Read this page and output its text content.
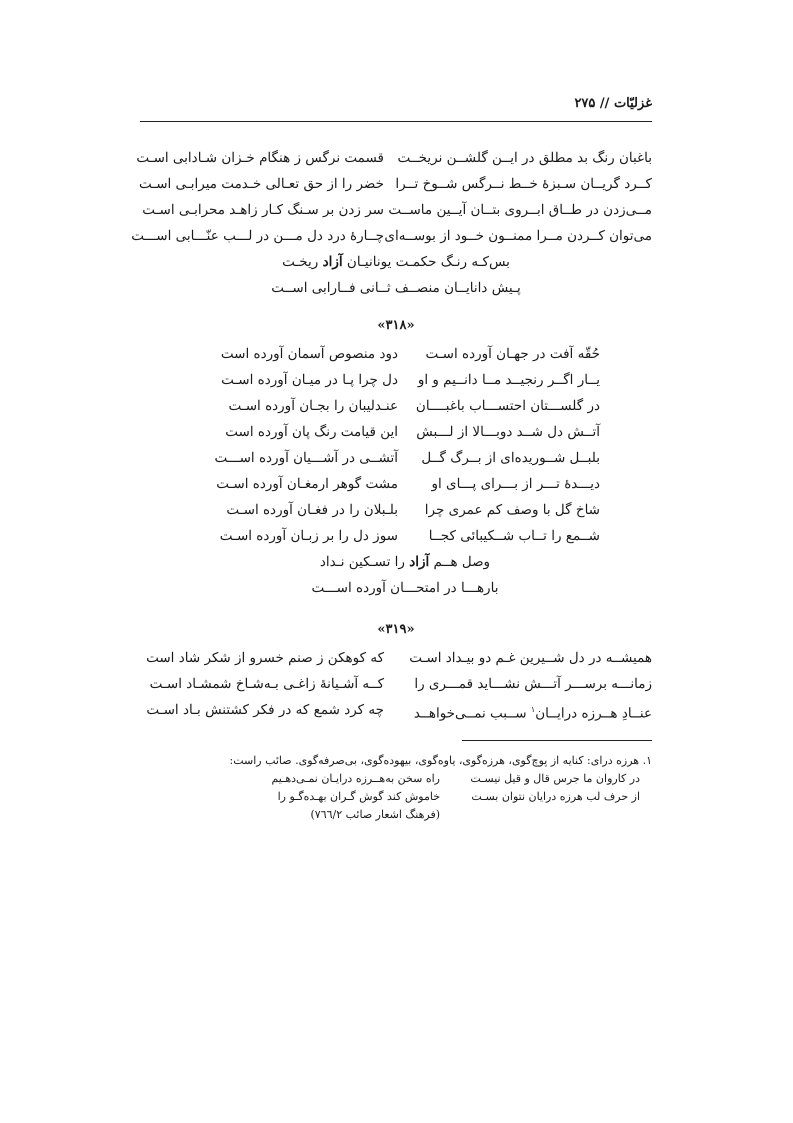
غزلیّات // ۲۷۵
باغبان رنگ بد مطلق در ایــن گلشــن نریخــت
قسمت نرگس ز هنگام خـزان شـادابی اسـت
کــرد گریــان سـبزهٔ خــط نــرگس شــوخ تــرا
خضر را از حق تعـالی خـدمت میرابـی اسـت
مــی‌زدن در طــاق ابــروی بتــان آیــین ماســت
سر زدن بر سـنگ کـار زاهـد محرابـی اسـت
می‌توان کــردن مــرا ممنــون خــود از بوســه‌ای
چــارهٔ درد دل مـــن در لـــب عنّـــابی اســـت
بس‌کـه رنـگ حکمـت یونانیـان آزاد ریخـت
پـیش دانایــان منصــف ثــانی فــارابی اســت
«۳۱۸»
حُقّه آفت در جهـان آورده اسـت
دود منصوص آسمان آورده است
یــار اگــر رنجیــد مــا دانــیم و او
دل چرا پـا در میـان آورده اسـت
در گلســـتان احتســـاب باغبــــان
عنـدلیبان را بجـان آورده اسـت
آتــش دل شــد دوبـــالا از لـــبش
این قیامت رنگ پان آورده است
بلبــل شــوریده‌ای از بــرگ گــل
آتشــی در آشـــیان آورده اســـت
دیـــدهٔ تـــر از بـــرای پـــای او
مشت گوهر ارمغـان آورده اسـت
شاخ گل با وصف کم عمری چرا
بلـبلان را در فغـان آورده اسـت
شــمع را تــاب شــکیبائی کجــا
سوز دل را بر زبـان آورده اسـت
وصل هــم آزاد را تسـکین نـداد
بارهـــا در امتحـــان آورده اســـت
«۳۱۹»
همیشــه در دل شــیرین غـم دو بیـداد اسـت
که کوهکن ز صنم خسرو از شکر شاد است
زمانـــه برســـر آتـــش نشـــاید قمـــری را
کــه آشـیانهٔ زاغـی بـه‌شـاخ شمشـاد اسـت
عنــادِ هــرزه درایــان$^۱$ ســبب نمــی‌خواهــد
چه کرد شمع که در فکر کشتنش بـاد اسـت
۱. هرزه درای: کنایه از پوچ‌گوی، هرزه‌گوی، یاوه‌گوی، بیهوده‌گوی، بی‌صرفه‌گوی. صائب راست:
در کاروان ما جرس قال و قیل نیسـت
راه سخن به‌هــرزه درایـان نمـی‌دهـیم
از حرف لب هرزه درایان نتوان بسـت
خاموش کند گوش گـران بهـده‌گـو را
(فرهنگ اشعار صائب ۷٦٦/۲)
